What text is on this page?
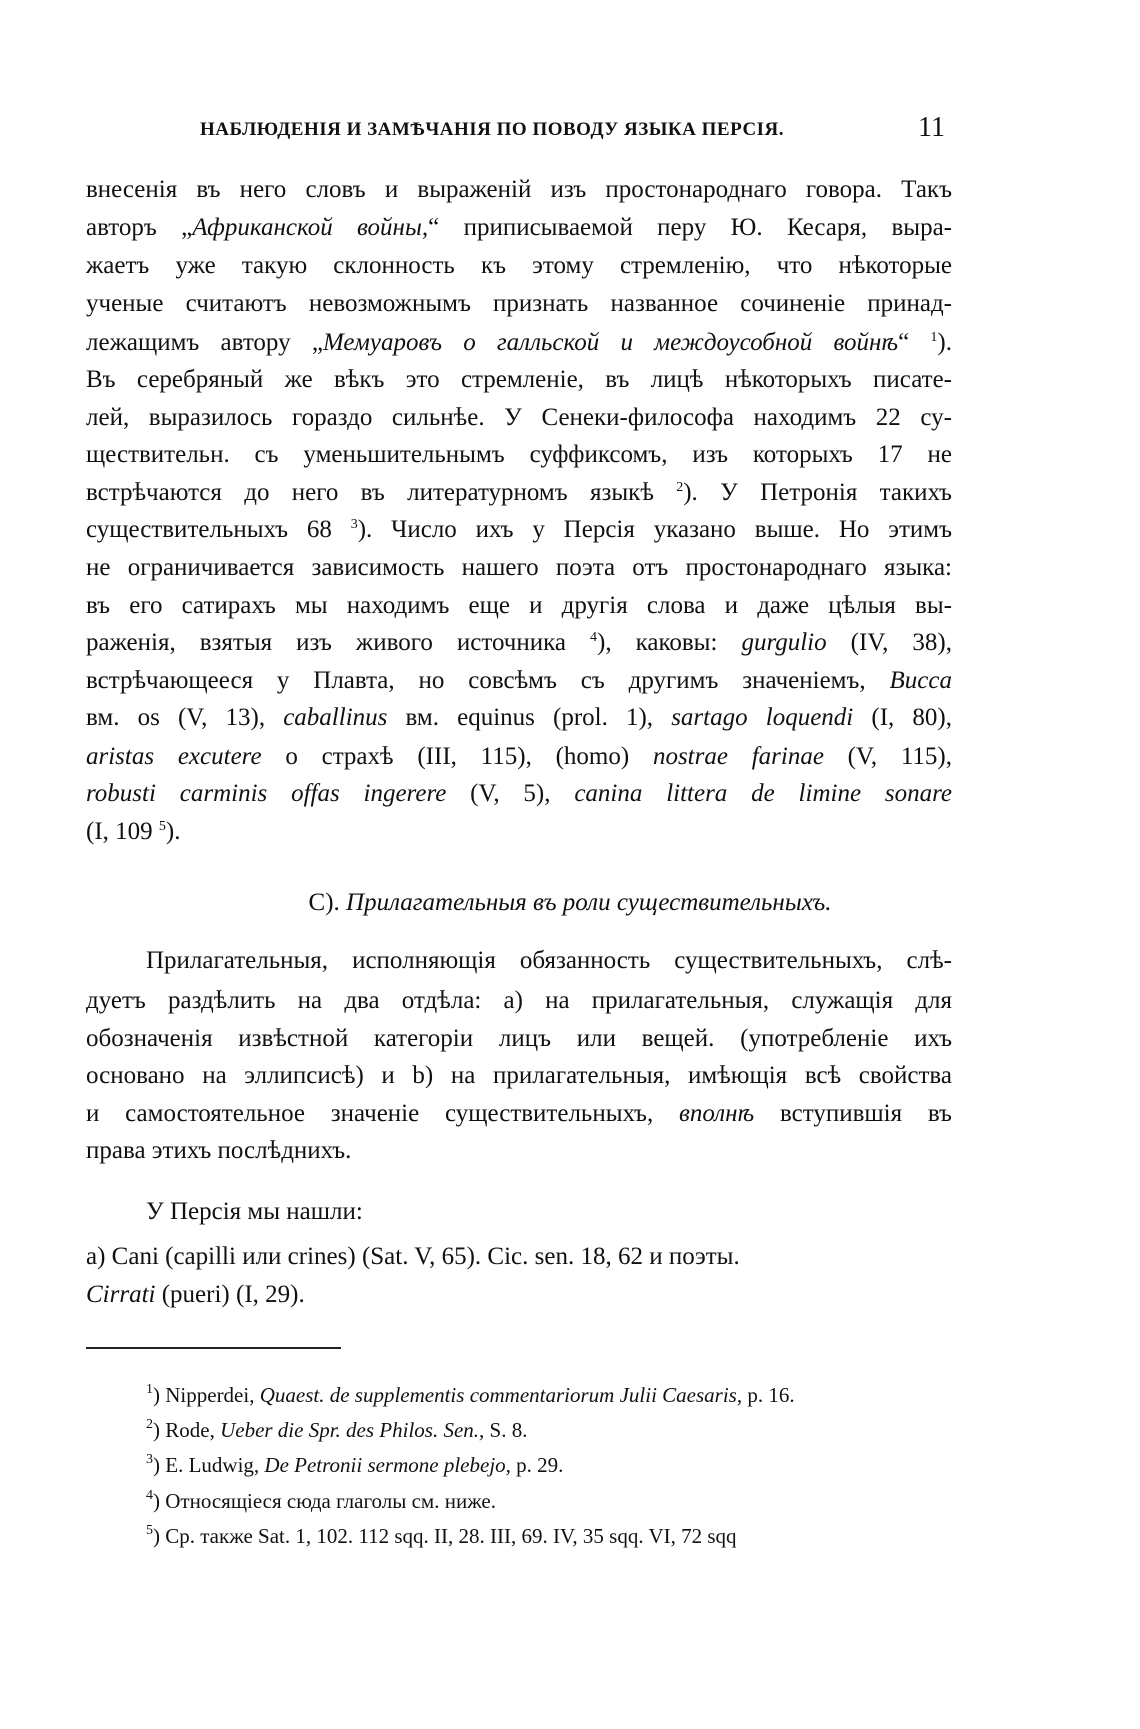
НАБЛЮДЕНІЯ И ЗАМѢЧАНІЯ ПО ПОВОДУ ЯЗЫКА ПЕРСІЯ.	11
внесенія въ него словъ и выраженій изъ простонароднаго говора. Такъ
авторъ „Африканской войны,“ приписываемой перу Ю. Кесаря, выра-
жаетъ уже такую склонность къ этому стремленію, что нѣкоторые
ученые считаютъ невозможнымъ признать названное сочиненіе принад-
лежащимъ автору „Мемуаровъ о галльской и междоусобной войнѣ“ $^1$).
Въ серебряный же вѣкъ это стремленіе, въ лицѣ нѣкоторыхъ писате-
лей, выразилось гораздо сильнѣе. У Сенеки-философа находимъ 22 су-
ществительн. съ уменьшительнымъ суффиксомъ, изъ которыхъ 17 не
встрѣчаются до него въ литературномъ языкѣ $^2$). У Петронія такихъ
существительныхъ 68 $^3$). Число ихъ у Персія указано выше. Но этимъ
не ограничивается зависимость нашего поэта отъ простонароднаго языка:
въ его сатирахъ мы находимъ еще и другія слова и даже цѣлыя вы-
раженія, взятыя изъ живого источника $^4$), каковы: gurgulio (IV, 38),
встрѣчающееся у Плавта, но совсѣмъ съ другимъ значеніемъ, Bucca
вм. os (V, 13), caballinus вм. equinus (prol. 1), sartago loquendi (I, 80),
aristas excutere о страхѣ (III, 115), (homo) nostrae farinae (V, 115),
robusti carminis offas ingerere (V, 5), canina littera de limine sonare
(I, 109 $^5$).
C). Прилагательныя въ роли существительныхъ.
Прилагательныя, исполняющія обязанность существительныхъ, слѣ-
дуетъ раздѣлить на два отдѣла: a) на прилагательныя, служащія для
обозначенія извѣстной категоріи лицъ или вещей. (употребленіе ихъ
основано на эллипсисѣ) и b) на прилагательныя, имѣющія всѣ свойства
и самостоятельное значеніе существительныхъ, вполнѣ вступившія въ
права этихъ послѣднихъ.
У Персія мы нашли:
a) Cani (capilli или crines) (Sat. V, 65). Cic. sen. 18, 62 и поэты.
Cirrati (pueri) (I, 29).
$^1$) Nipperdei, Quaest. de supplementis commentariorum Julii Caesaris, p. 16.
$^2$) Rode, Ueber die Spr. des Philos. Sen., S. 8.
$^3$) E. Ludwig, De Petronii sermone plebejo, p. 29.
$^4$) Относящіеся сюда глаголы см. ниже.
$^5$) Cp. также Sat. 1, 102. 112 sqq. II, 28. III, 69. IV, 35 sqq. VI, 72 sqq
